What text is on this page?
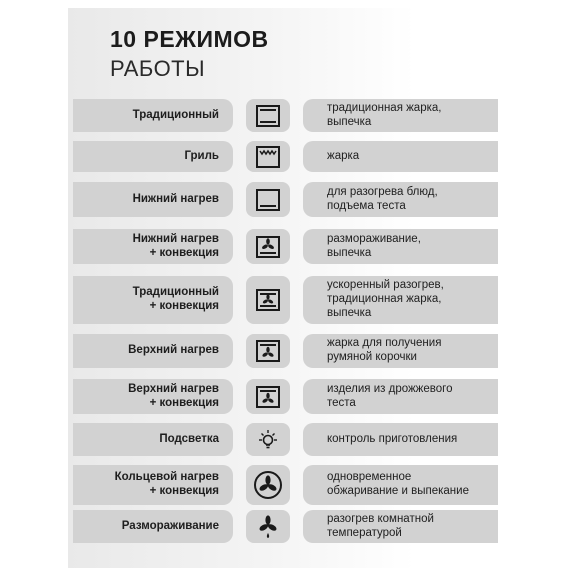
10 РЕЖИМОВ
РАБОТЫ
Традиционный
традиционная жарка,
выпечка
Гриль	жарка
Нижний нагрев
для разогрева блюд,
подъема теста
Нижний нагрев
+ конвекция
размораживание,
выпечка
Традиционный
+ конвекция
ускоренный разогрев,
традиционная жарка,
выпечка
Верхний нагрев
жарка для получения
румяной корочки
Верхний нагрев
+ конвекция
изделия из дрожжевого
теста
Подсветка	контроль приготовления
Кольцевой нагрев
+ конвекция
одновременное
обжаривание и выпекание
Размораживание
разогрев комнатной
температурой
